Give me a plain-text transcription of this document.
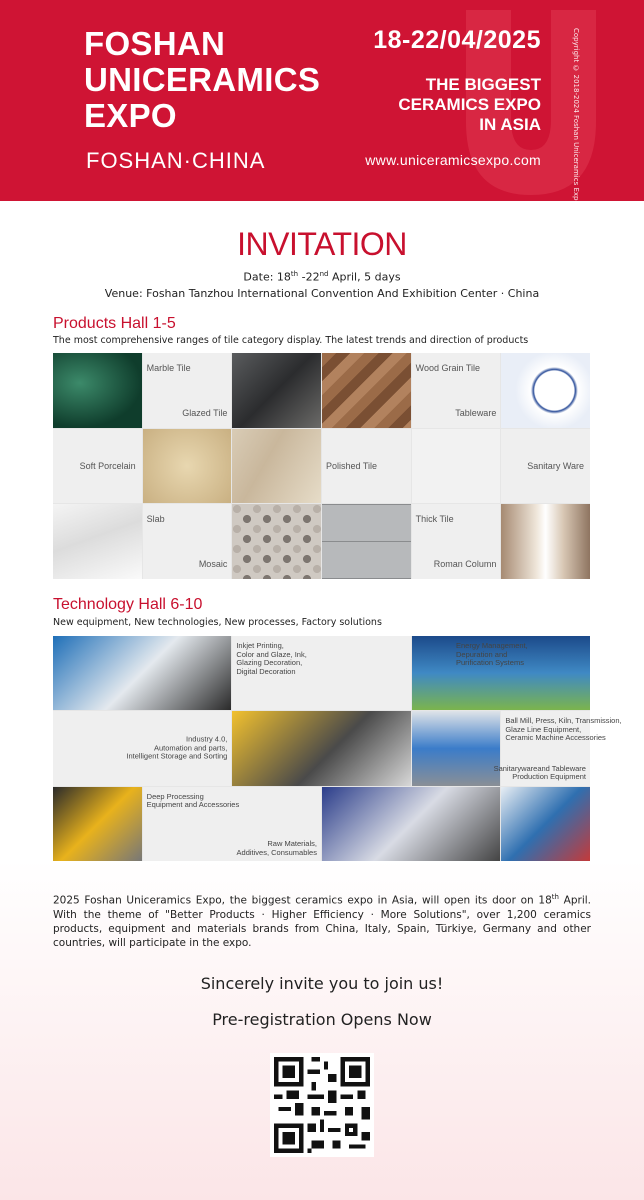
FOSHAN
UNICERAMICS
EXPO
FOSHAN·CHINA
18-22/04/2025
THE BIGGEST
CERAMICS EXPO
IN ASIA
www.uniceramicsexpo.com	Copyright © 2018-2024 Foshan Uniceramics Expo
INVITATION
Date: 18th -22nd April, 5 days
Venue: Foshan Tanzhou International Convention And Exhibition Center · China
Products Hall 1-5
The most comprehensive ranges of tile category display. The latest trends and direction of products
Marble Tile
Glazed Tile
Wood Grain Tile
Tableware
Soft Porcelain	Polished Tile	Sanitary Ware
Slab
Mosaic
Thick Tile
Roman Column
Technology Hall 6-10
New equipment, New technologies, New processes, Factory solutions
Inkjet Printing,
Color and Glaze, Ink,
Glazing Decoration,
Digital Decoration
Industry 4.0,
Automation and parts,
Intelligent Storage and Sorting
Ball Mill, Press, Kiln, Transmission,
Glaze Line Equipment,
Ceramic Machine Accessories
Sanitarywareand Tableware
Production Equipment
Deep Processing
Equipment and Accessories
Raw Materials,
Additives, Consumables
Energy Management,
Depuration and
Purification Systems
2025 Foshan Uniceramics Expo, the biggest ceramics expo in Asia, will open its door on 18th April. With the theme of "Better Products · Higher Efficiency · More Solutions", over 1,200 ceramics products, equipment and materials brands from China, Italy, Spain, Türkiye, Germany and other countries, will participate in the expo.
Sincerely invite you to join us!
Pre-registration Opens Now
